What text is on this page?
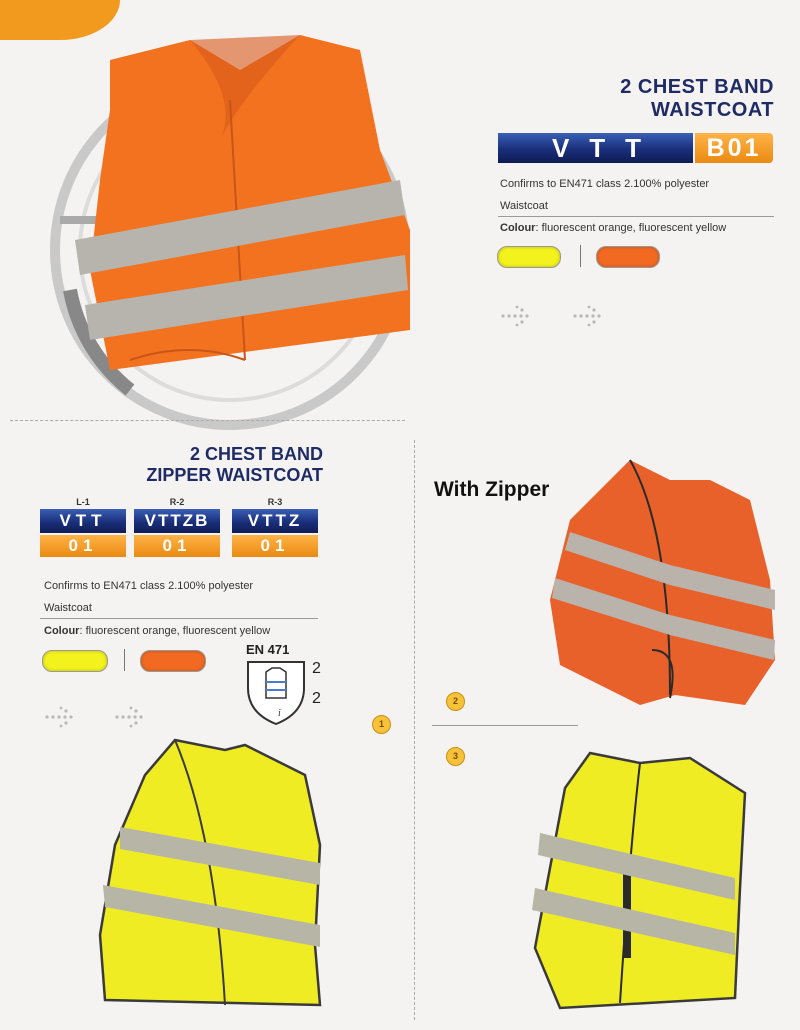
2 CHEST BAND
WAISTCOAT
VTT	B01
Confirms to EN471 class 2.100% polyester
Waistcoat
Colour: fluorescent orange, fluorescent yellow
2 CHEST BAND
ZIPPER WAISTCOAT
L-1
VTT
01
R-2
VTTZB
01
R-3
VTTZ
01
Confirms to EN471 class 2.100% polyester
Waistcoat
Colour: fluorescent orange, fluorescent yellow
EN 471
i
2
2
With Zipper
1
2
3
